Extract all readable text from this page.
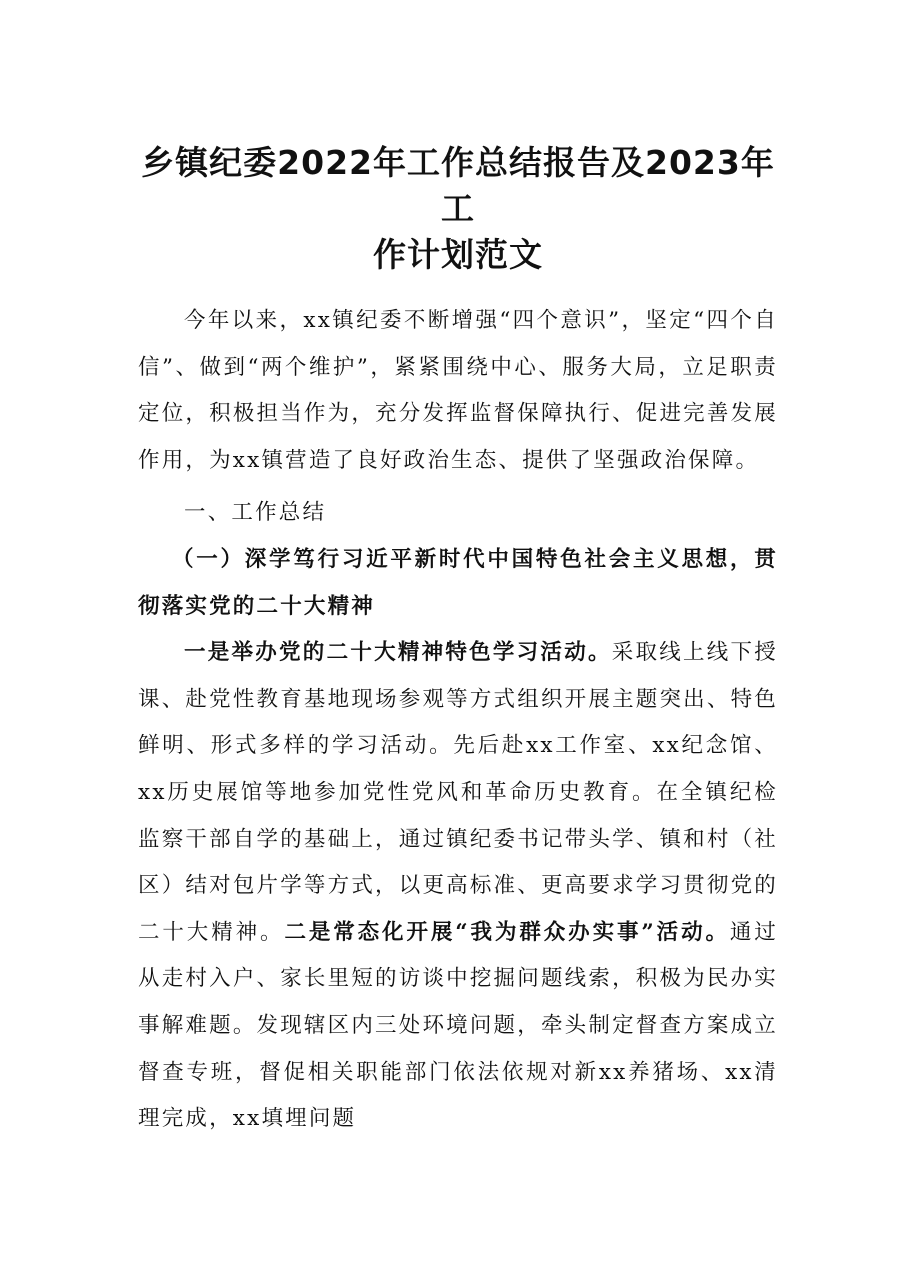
乡镇纪委2022年工作总结报告及2023年工
作计划范文

今年以来，xx镇纪委不断增强“四个意识”，坚定“四个自信”、做到“两个维护”，紧紧围绕中心、服务大局，立足职责定位，积极担当作为，充分发挥监督保障执行、促进完善发展作用，为xx镇营造了良好政治生态、提供了坚强政治保障。

一、工作总结

（一）深学笃行习近平新时代中国特色社会主义思想，贯彻落实党的二十大精神

一是举办党的二十大精神特色学习活动。采取线上线下授课、赴党性教育基地现场参观等方式组织开展主题突出、特色鲜明、形式多样的学习活动。先后赴xx工作室、xx纪念馆、xx历史展馆等地参加党性党风和革命历史教育。在全镇纪检监察干部自学的基础上，通过镇纪委书记带头学、镇和村（社区）结对包片学等方式，以更高标准、更高要求学习贯彻党的二十大精神。二是常态化开展“我为群众办实事”活动。通过从走村入户、家长里短的访谈中挖掘问题线索，积极为民办实事解难题。发现辖区内三处环境问题，牵头制定督查方案成立督查专班，督促相关职能部门依法依规对新xx养猪场、xx清理完成，xx填埋问题
